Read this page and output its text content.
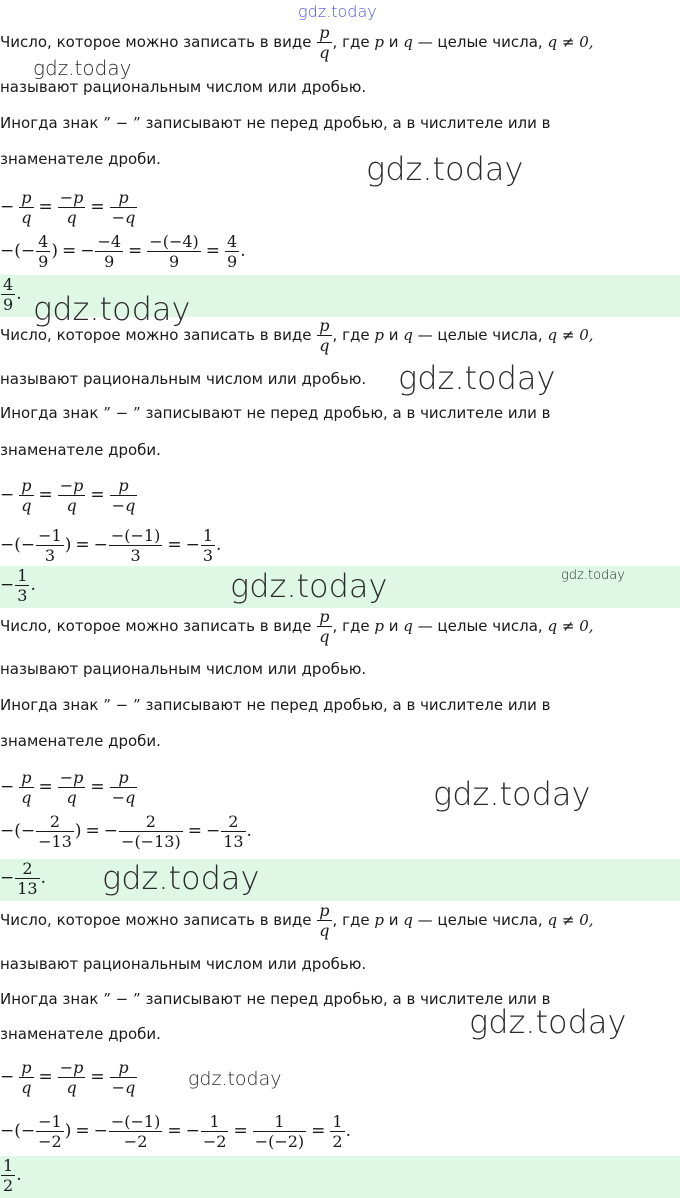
Число, которое можно записать в виде $\frac{p}{q}$ , где p и q — целые числа, q ≠ 0,
называют рациональным числом или дробью.
Иногда знак ” − ” записывают не перед дробью, а в числителе или в
знаменателе дроби.
− $\frac{p}{q} = \frac{-p}{q} = \frac{p}{-q}$
−(− $\frac{4}{9}$ ) = − $\frac{-4}{9} = \frac{-(-4)}{9} = \frac{4}{9}$ .
$\frac{4}{9}$ .
Число, которое можно записать в виде $\frac{p}{q}$ , где p и q — целые числа, q ≠ 0,
называют рациональным числом или дробью.
Иногда знак ” − ” записывают не перед дробью, а в числителе или в
знаменателе дроби.
− $\frac{p}{q} = \frac{-p}{q} = \frac{p}{-q}$
−(− $\frac{-1}{3}$ ) = − $\frac{-(-1)}{3}$ = − $\frac{1}{3}$ .
− $\frac{1}{3}$ .
Число, которое можно записать в виде $\frac{p}{q}$ , где p и q — целые числа, q ≠ 0,
называют рациональным числом или дробью.
Иногда знак ” − ” записывают не перед дробью, а в числителе или в
знаменателе дроби.
− $\frac{p}{q} = \frac{-p}{q} = \frac{p}{-q}$
−(− $\frac{2}{-13}$ ) = − $\frac{2}{-(-13)}$ = − $\frac{2}{13}$ .
− $\frac{2}{13}$ .
Число, которое можно записать в виде $\frac{p}{q}$ , где p и q — целые числа, q ≠ 0,
называют рациональным числом или дробью.
Иногда знак ” − ” записывают не перед дробью, а в числителе или в
знаменателе дроби.
− $\frac{p}{q} = \frac{-p}{q} = \frac{p}{-q}$
−(− $\frac{-1}{-2}$ ) = − $\frac{-(-1)}{-2}$ = − $\frac{1}{-2} = \frac{1}{-(-2)} = \frac{1}{2}$ .
$\frac{1}{2}$ .
gdz.today
gdz.today
gdz.today
gdz.today
gdz.today
gdz.today	gdz.today
gdz.today
gdz.today
gdz.today
gdz.today
